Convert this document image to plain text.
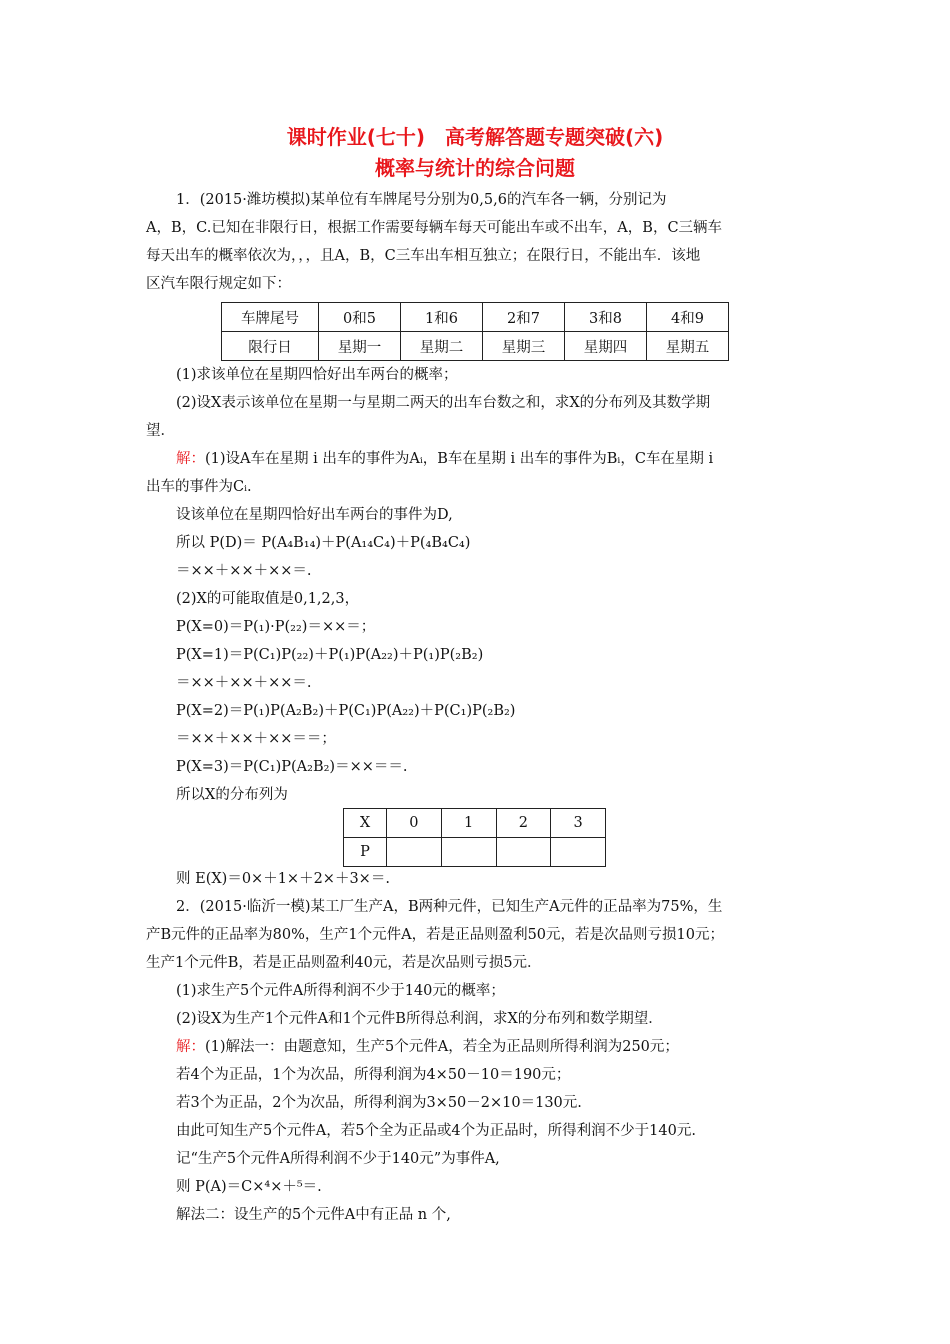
课时作业(七十)　高考解答题专题突破(六)
概率与统计的综合问题
1．(2015·潍坊模拟)某单位有车牌尾号分别为0,5,6的汽车各一辆，分别记为
A，B，C.已知在非限行日，根据工作需要每辆车每天可能出车或不出车，A，B，C三辆车
每天出车的概率依次为，，，且A，B，C三车出车相互独立；在限行日，不能出车．该地
区汽车限行规定如下：
车牌尾号	0和5	1和6	2和7	3和8	4和9
限行日	星期一	星期二	星期三	星期四	星期五
(1)求该单位在星期四恰好出车两台的概率；
(2)设X表示该单位在星期一与星期二两天的出车台数之和，求X的分布列及其数学期
望．
解：(1)设A车在星期 i 出车的事件为Aᵢ，B车在星期 i 出车的事件为Bᵢ，C车在星期 i
出车的事件为Cᵢ.
设该单位在星期四恰好出车两台的事件为D,
所以 P(D)＝ P(A₄B₁₄)＋P(A₁₄C₄)＋P(₄B₄C₄)
＝××＋××＋××＝.
(2)X的可能取值是0,1,2,3，
P(X=0)＝P(₁)·P(₂₂)＝××＝；
P(X=1)＝P(C₁)P(₂₂)＋P(₁)P(A₂₂)＋P(₁)P(₂B₂)
＝××＋××＋××＝.
P(X=2)＝P(₁)P(A₂B₂)＋P(C₁)P(A₂₂)＋P(C₁)P(₂B₂)
＝××＋××＋××＝＝；
P(X=3)＝P(C₁)P(A₂B₂)＝××＝＝.
所以X的分布列为
X	0	1	2	3
P				
则 E(X)＝0×＋1×＋2×＋3×＝.
2．(2015·临沂一模)某工厂生产A，B两种元件，已知生产A元件的正品率为75%，生
产B元件的正品率为80%，生产1个元件A，若是正品则盈利50元，若是次品则亏损10元；
生产1个元件B，若是正品则盈利40元，若是次品则亏损5元．
(1)求生产5个元件A所得利润不少于140元的概率；
(2)设X为生产1个元件A和1个元件B所得总利润，求X的分布列和数学期望．
解：(1)解法一：由题意知，生产5个元件A，若全为正品则所得利润为250元；
若4个为正品，1个为次品，所得利润为4×50－10＝190元；
若3个为正品，2个为次品，所得利润为3×50－2×10＝130元.
由此可知生产5个元件A，若5个全为正品或4个为正品时，所得利润不少于140元.
记“生产5个元件A所得利润不少于140元”为事件A,
则 P(A)＝C×⁴×＋⁵＝.
解法二：设生产的5个元件A中有正品 n 个,
